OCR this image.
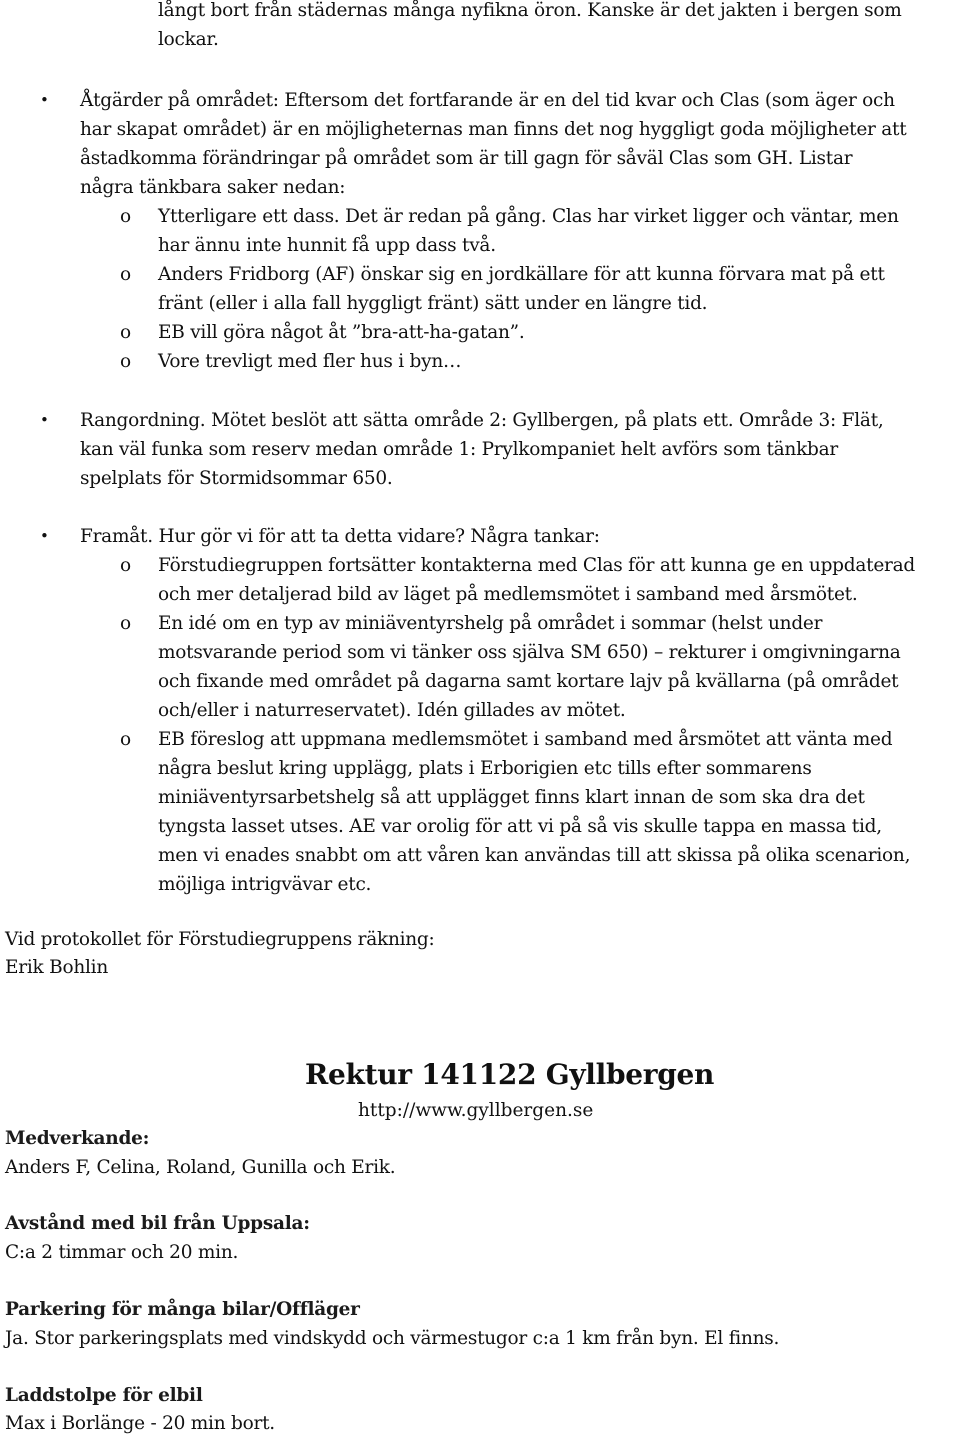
långt bort från städernas många nyfikna öron. Kanske är det jakten i bergen som
lockar.
• Åtgärder på området: Eftersom det fortfarande är en del tid kvar och Clas (som äger och
har skapat området) är en möjligheternas man finns det nog hyggligt goda möjligheter att
åstadkomma förändringar på området som är till gagn för såväl Clas som GH. Listar
några tänkbara saker nedan:
o Ytterligare ett dass. Det är redan på gång. Clas har virket ligger och väntar, men
har ännu inte hunnit få upp dass två.
o Anders Fridborg (AF) önskar sig en jordkällare för att kunna förvara mat på ett
fränt (eller i alla fall hyggligt fränt) sätt under en längre tid.
o EB vill göra något åt ”bra-att-ha-gatan”.
o Vore trevligt med fler hus i byn…
• Rangordning. Mötet beslöt att sätta område 2: Gyllbergen, på plats ett. Område 3: Flät,
kan väl funka som reserv medan område 1: Prylkompaniet helt avförs som tänkbar
spelplats för Stormidsommar 650.
• Framåt. Hur gör vi för att ta detta vidare? Några tankar:
o Förstudiegruppen fortsätter kontakterna med Clas för att kunna ge en uppdaterad
och mer detaljerad bild av läget på medlemsmötet i samband med årsmötet.
o En idé om en typ av miniäventyrshelg på området i sommar (helst under
motsvarande period som vi tänker oss själva SM 650) – rekturer i omgivningarna
och fixande med området på dagarna samt kortare lajv på kvällarna (på området
och/eller i naturreservatet). Idén gillades av mötet.
o EB föreslog att uppmana medlemsmötet i samband med årsmötet att vänta med
några beslut kring upplägg, plats i Erborigien etc tills efter sommarens
miniäventyrsarbetshelg så att upplägget finns klart innan de som ska dra det
tyngsta lasset utses. AE var orolig för att vi på så vis skulle tappa en massa tid,
men vi enades snabbt om att våren kan användas till att skissa på olika scenarion,
möjliga intrigvävar etc.
Vid protokollet för Förstudiegruppens räkning:
Erik Bohlin
Rektur 141122 Gyllbergen
http://www.gyllbergen.se
Medverkande:
Anders F, Celina, Roland, Gunilla och Erik.
Avstånd med bil från Uppsala:
C:a 2 timmar och 20 min.
Parkering för många bilar/Offläger
Ja. Stor parkeringsplats med vindskydd och värmestugor c:a 1 km från byn. El finns.
Laddstolpe för elbil
Max i Borlänge - 20 min bort.
